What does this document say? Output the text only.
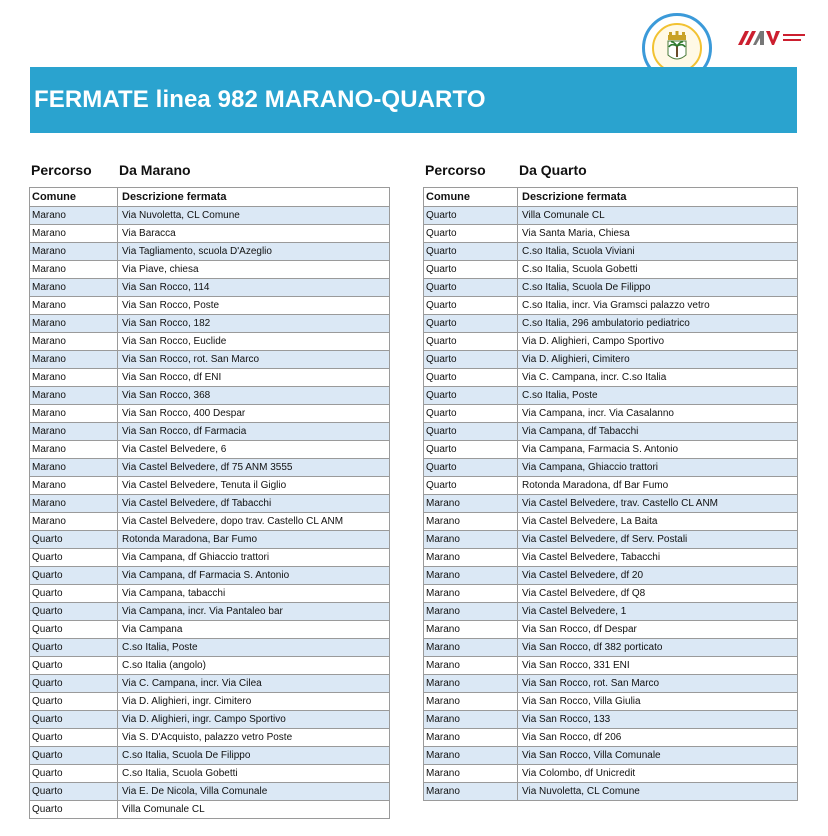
FERMATE linea 982 MARANO-QUARTO
Percorso Da Marano
Comune	Descrizione fermata
Marano	Via Nuvoletta, CL Comune
Marano	Via Baracca
Marano	Via Tagliamento, scuola D'Azeglio
Marano	Via Piave, chiesa
Marano	Via San Rocco, 114
Marano	Via San Rocco, Poste
Marano	Via San Rocco, 182
Marano	Via San Rocco, Euclide
Marano	Via San Rocco, rot. San Marco
Marano	Via San Rocco, df ENI
Marano	Via San Rocco, 368
Marano	Via San Rocco, 400 Despar
Marano	Via San Rocco, df Farmacia
Marano	Via Castel Belvedere, 6
Marano	Via Castel Belvedere, df 75 ANM 3555
Marano	Via Castel Belvedere, Tenuta il Giglio
Marano	Via Castel Belvedere, df Tabacchi
Marano	Via Castel Belvedere, dopo trav. Castello CL ANM
Quarto	Rotonda Maradona, Bar Fumo
Quarto	Via Campana, df Ghiaccio trattori
Quarto	Via Campana, df Farmacia S. Antonio
Quarto	Via Campana, tabacchi
Quarto	Via Campana, incr. Via Pantaleo bar
Quarto	Via Campana
Quarto	C.so Italia, Poste
Quarto	C.so Italia (angolo)
Quarto	Via C. Campana, incr. Via Cilea
Quarto	Via D. Alighieri, ingr. Cimitero
Quarto	Via D. Alighieri, ingr. Campo Sportivo
Quarto	Via S. D'Acquisto, palazzo vetro Poste
Quarto	C.so Italia, Scuola De Filippo
Quarto	C.so Italia, Scuola Gobetti
Quarto	Via E. De Nicola, Villa Comunale
Quarto	Villa Comunale CL
Percorso Da Quarto
Comune	Descrizione fermata
Quarto	Villa Comunale CL
Quarto	Via Santa Maria, Chiesa
Quarto	C.so Italia, Scuola Viviani
Quarto	C.so Italia, Scuola Gobetti
Quarto	C.so Italia, Scuola De Filippo
Quarto	C.so Italia, incr. Via Gramsci palazzo vetro
Quarto	C.so Italia, 296 ambulatorio pediatrico
Quarto	Via D. Alighieri, Campo Sportivo
Quarto	Via D. Alighieri, Cimitero
Quarto	Via C. Campana, incr. C.so Italia
Quarto	C.so Italia, Poste
Quarto	Via Campana, incr. Via Casalanno
Quarto	Via Campana, df Tabacchi
Quarto	Via Campana, Farmacia S. Antonio
Quarto	Via Campana, Ghiaccio trattori
Quarto	Rotonda Maradona, df Bar Fumo
Marano	Via Castel Belvedere, trav. Castello CL ANM
Marano	Via Castel Belvedere, La Baita
Marano	Via Castel Belvedere, df Serv. Postali
Marano	Via Castel Belvedere, Tabacchi
Marano	Via Castel Belvedere, df 20
Marano	Via Castel Belvedere, df Q8
Marano	Via Castel Belvedere, 1
Marano	Via San Rocco, df Despar
Marano	Via San Rocco, df 382 porticato
Marano	Via San Rocco, 331 ENI
Marano	Via San Rocco, rot. San Marco
Marano	Via San Rocco, Villa Giulia
Marano	Via San Rocco, 133
Marano	Via San Rocco, df 206
Marano	Via San Rocco, Villa Comunale
Marano	Via Colombo, df Unicredit
Marano	Via Nuvoletta, CL Comune
